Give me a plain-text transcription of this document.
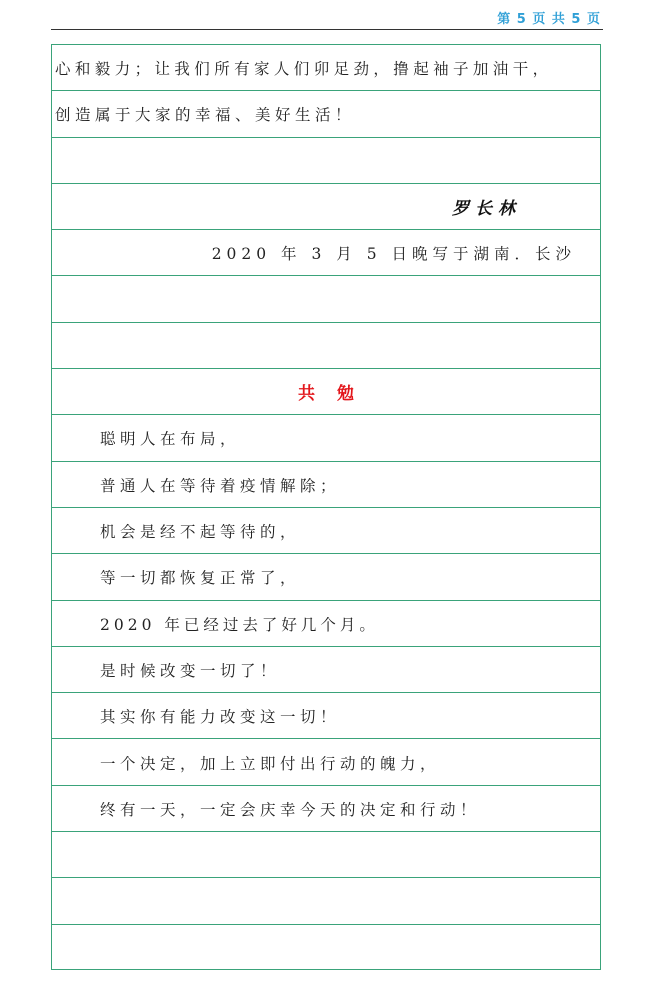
第 5 页 共 5 页
心和毅力；让我们所有家人们卯足劲，撸起袖子加油干，
创造属于大家的幸福、美好生活！
罗长林
2020 年 3 月 5 日晚写于湖南．长沙
共勉
聪明人在布局，
普通人在等待着疫情解除；
机会是经不起等待的，
等一切都恢复正常了，
2020 年已经过去了好几个月。
是时候改变一切了！
其实你有能力改变这一切！
一个决定，加上立即付出行动的魄力，
终有一天，一定会庆幸今天的决定和行动！
